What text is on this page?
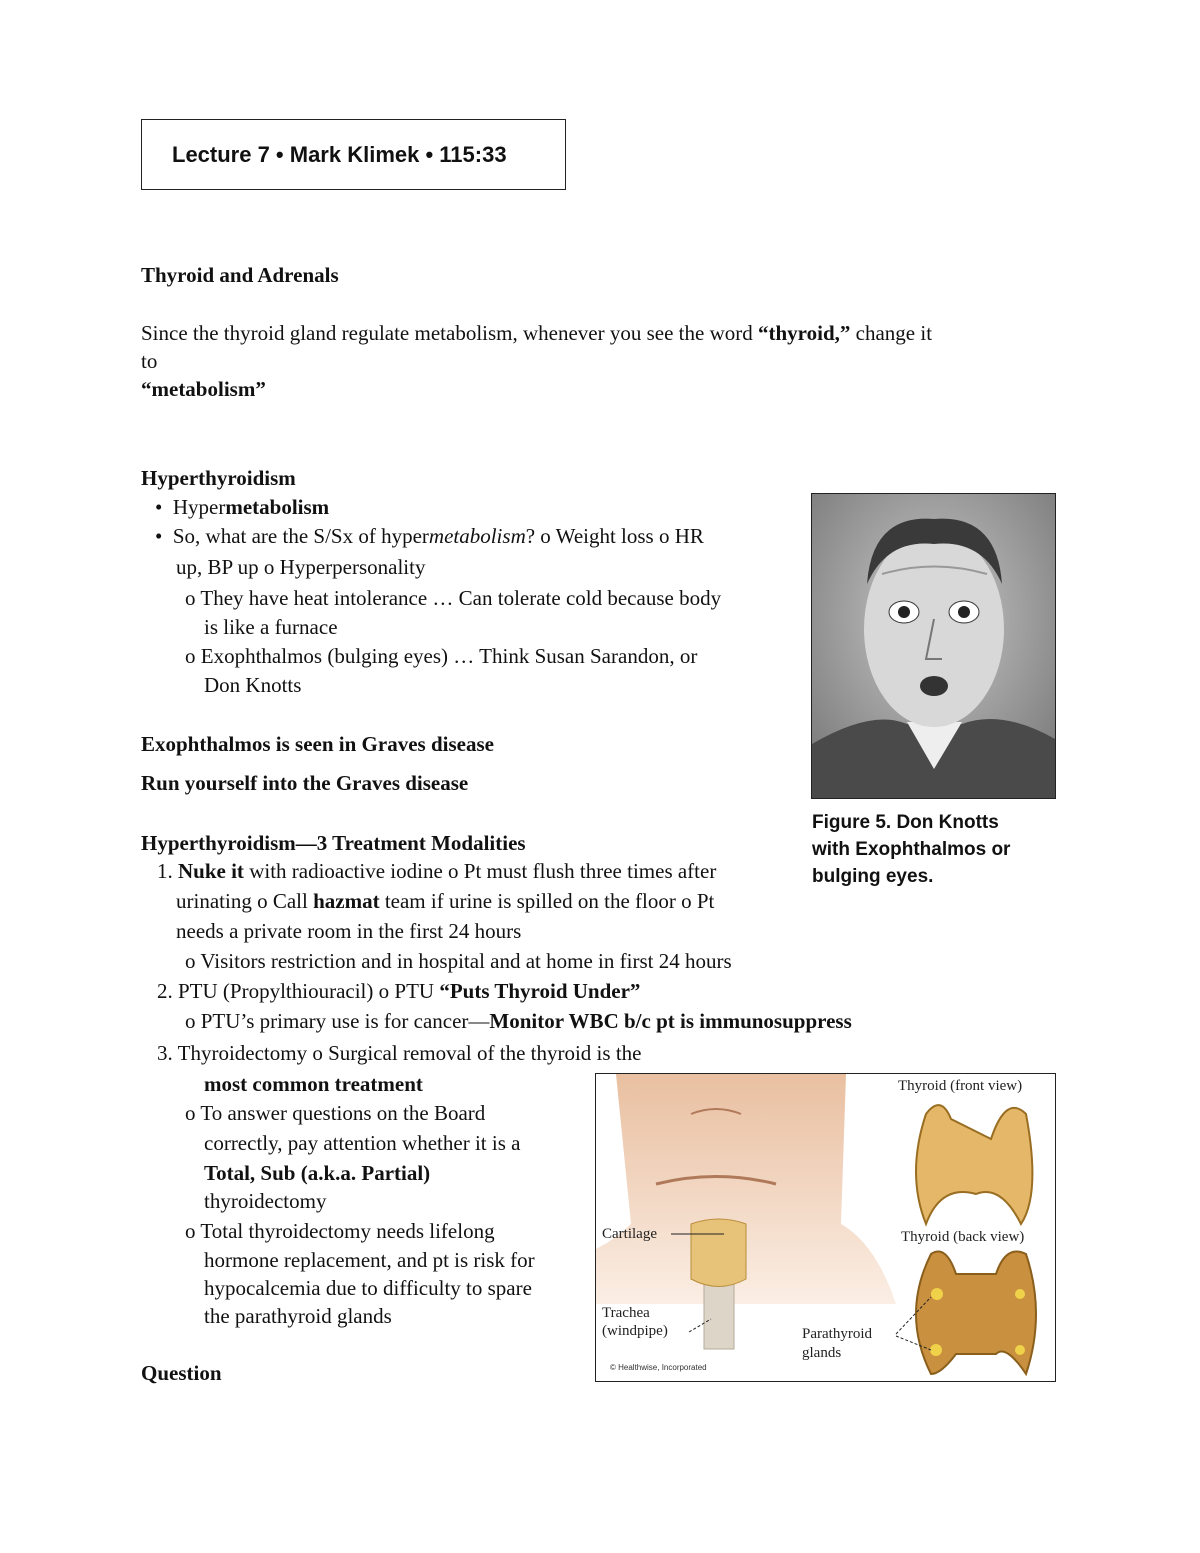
Lecture 7 • Mark Klimek • 115:33
Thyroid and Adrenals
Since the thyroid gland regulate metabolism, whenever you see the word “thyroid,” change it
to
“metabolism”
Hyperthyroidism
•  Hypermetabolism
•  So, what are the S/Sx of hypermetabolism? o Weight loss o HR
up, BP up o Hyperpersonality
o They have heat intolerance … Can tolerate cold because body
is like a furnace
o Exophthalmos (bulging eyes) … Think Susan Sarandon, or
Don Knotts
Exophthalmos is seen in Graves disease
Run yourself into the Graves disease
Hyperthyroidism—3 Treatment Modalities
1. Nuke it with radioactive iodine o Pt must flush three times after
urinating o Call hazmat team if urine is spilled on the floor o Pt
needs a private room in the first 24 hours
o Visitors restriction and in hospital and at home in first 24 hours
2. PTU (Propylthiouracil) o PTU “Puts Thyroid Under”
o PTU’s primary use is for cancer—Monitor WBC b/c pt is immunosuppress
3. Thyroidectomy o Surgical removal of the thyroid is the
most common treatment
o To answer questions on the Board
correctly, pay attention whether it is a
Total, Sub (a.k.a. Partial)
thyroidectomy
o Total thyroidectomy needs lifelong
hormone replacement, and pt is risk for
hypocalcemia due to difficulty to spare
the parathyroid glands
Question
Figure 5. Don Knotts
with Exophthalmos or
bulging eyes.
Thyroid (front view)
Thyroid (back view)
Cartilage
Trachea
(windpipe)	Parathyroid
glands
© Healthwise, Incorporated
